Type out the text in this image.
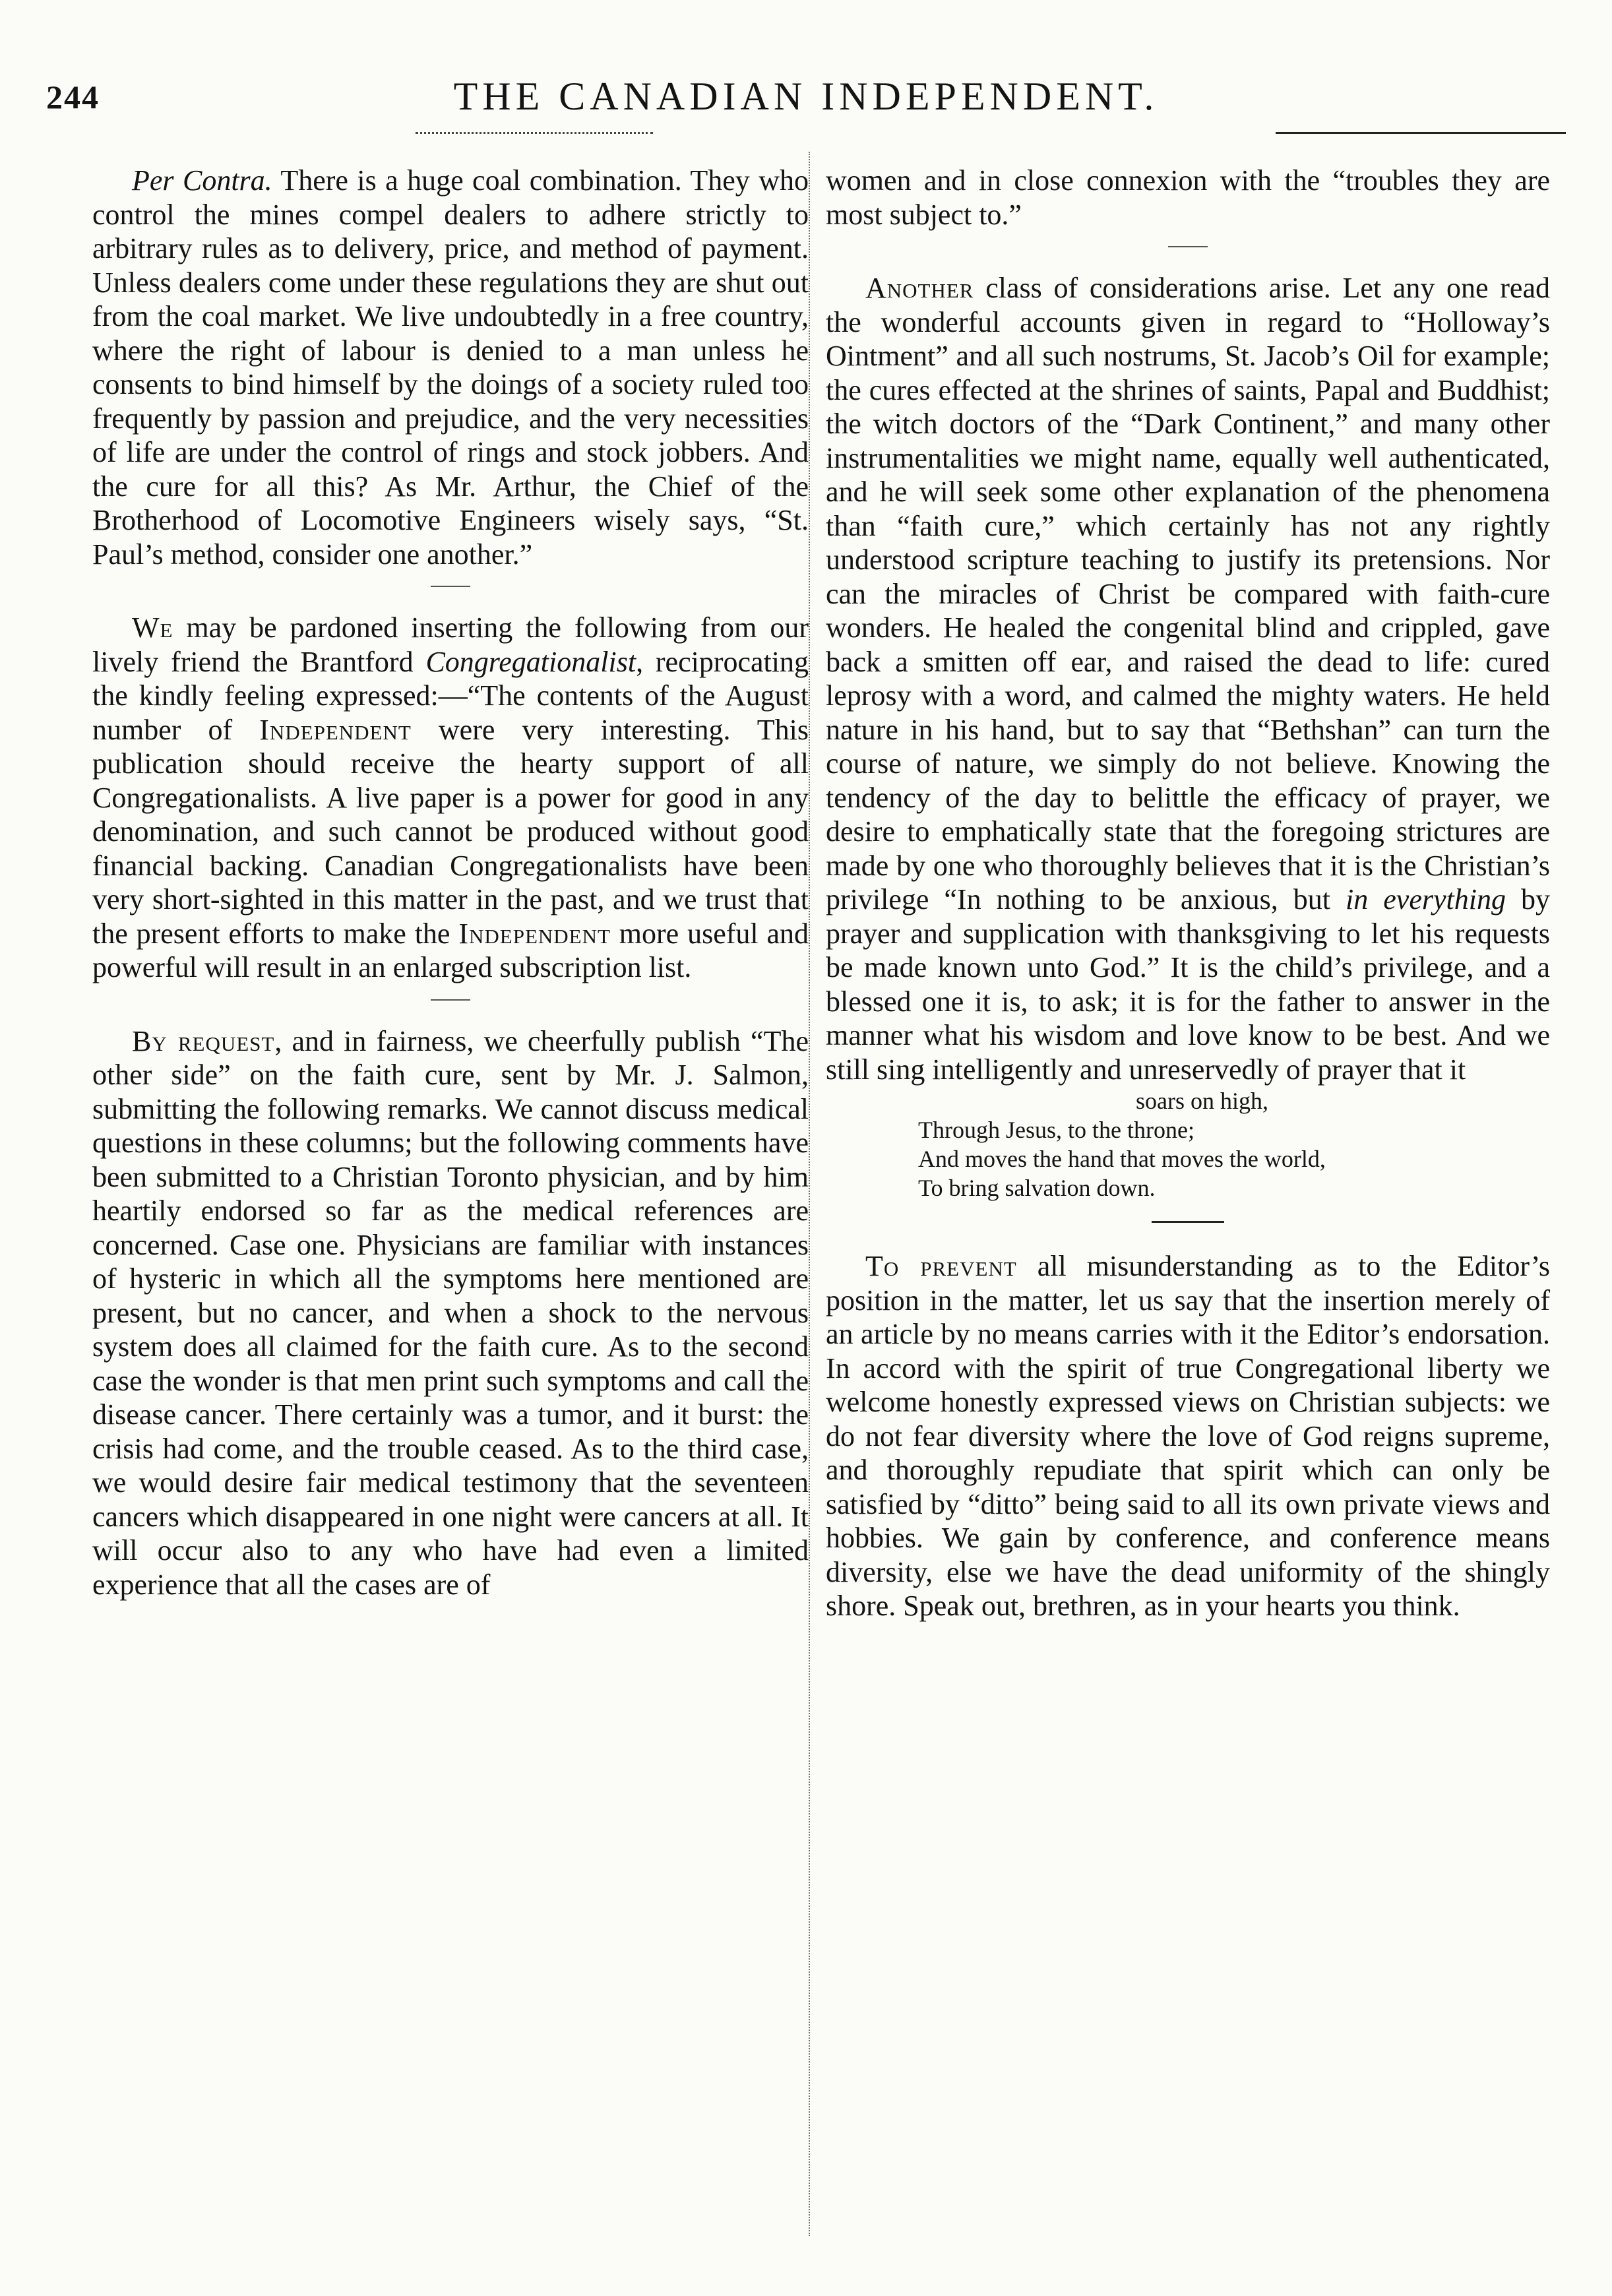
244	THE CANADIAN INDEPENDENT.

Per Contra. There is a huge coal combination. They who control the mines compel dealers to adhere strictly to arbitrary rules as to delivery, price, and method of payment. Unless dealers come under these regulations they are shut out from the coal market. We live undoubtedly in a free country, where the right of labour is denied to a man unless he consents to bind himself by the doings of a society ruled too frequently by passion and prejudice, and the very necessities of life are under the control of rings and stock jobbers. And the cure for all this? As Mr. Arthur, the Chief of the Brotherhood of Locomotive Engineers wisely says, “St. Paul’s method, consider one another.”

We may be pardoned inserting the following from our lively friend the Brantford Congregationalist, reciprocating the kindly feeling expressed:—“The contents of the August number of Independent were very interesting. This publication should receive the hearty support of all Congregationalists. A live paper is a power for good in any denomination, and such cannot be produced without good financial backing. Canadian Congregationalists have been very short-sighted in this matter in the past, and we trust that the present efforts to make the Independent more useful and powerful will result in an enlarged subscription list.

By request, and in fairness, we cheerfully publish “The other side” on the faith cure, sent by Mr. J. Salmon, submitting the following remarks. We cannot discuss medical questions in these columns; but the following comments have been submitted to a Christian Toronto physician, and by him heartily endorsed so far as the medical references are concerned. Case one. Physicians are familiar with instances of hysteric in which all the symptoms here mentioned are present, but no cancer, and when a shock to the nervous system does all claimed for the faith cure. As to the second case the wonder is that men print such symptoms and call the disease cancer. There certainly was a tumor, and it burst: the crisis had come, and the trouble ceased. As to the third case, we would desire fair medical testimony that the seventeen cancers which disappeared in one night were cancers at all. It will occur also to any who have had even a limited experience that all the cases are of

women and in close connexion with the “troubles they are most subject to.”

Another class of considerations arise. Let any one read the wonderful accounts given in regard to “Holloway’s Ointment” and all such nostrums, St. Jacob’s Oil for example; the cures effected at the shrines of saints, Papal and Buddhist; the witch doctors of the “Dark Continent,” and many other instrumentalities we might name, equally well authenticated, and he will seek some other explanation of the phenomena than “faith cure,” which certainly has not any rightly understood scripture teaching to justify its pretensions. Nor can the miracles of Christ be compared with faith-cure wonders. He healed the congenital blind and crippled, gave back a smitten off ear, and raised the dead to life: cured leprosy with a word, and calmed the mighty waters. He held nature in his hand, but to say that “Bethshan” can turn the course of nature, we simply do not believe. Knowing the tendency of the day to belittle the efficacy of prayer, we desire to emphatically state that the foregoing strictures are made by one who thoroughly believes that it is the Christian’s privilege “In nothing to be anxious, but in everything by prayer and supplication with thanksgiving to let his requests be made known unto God.” It is the child’s privilege, and a blessed one it is, to ask; it is for the father to answer in the manner what his wisdom and love know to be best. And we still sing intelligently and unreservedly of prayer that it

soars on high,
Through Jesus, to the throne;
And moves the hand that moves the world,
To bring salvation down.

To prevent all misunderstanding as to the Editor’s position in the matter, let us say that the insertion merely of an article by no means carries with it the Editor’s endorsation. In accord with the spirit of true Congregational liberty we welcome honestly expressed views on Christian subjects: we do not fear diversity where the love of God reigns supreme, and thoroughly repudiate that spirit which can only be satisfied by “ditto” being said to all its own private views and hobbies. We gain by conference, and conference means diversity, else we have the dead uniformity of the shingly shore. Speak out, brethren, as in your hearts you think.
